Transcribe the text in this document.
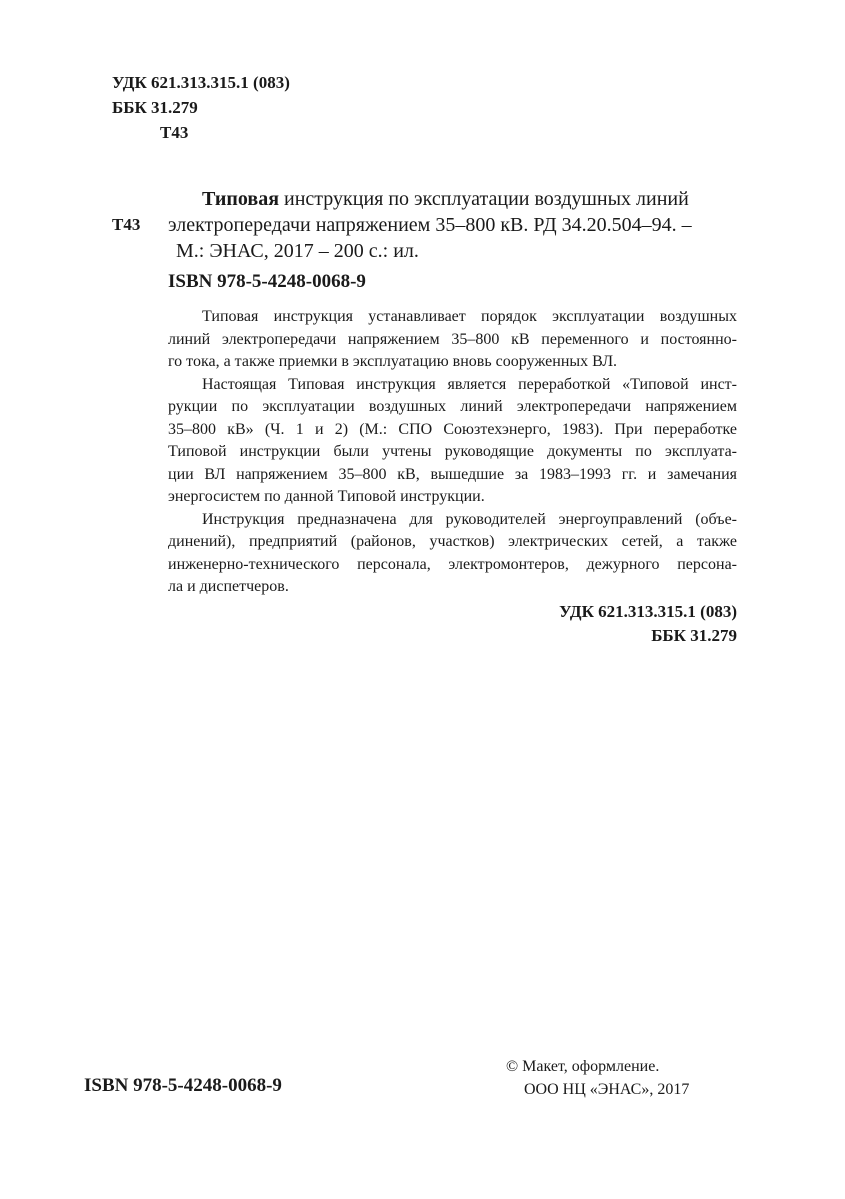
УДК 621.313.315.1 (083)
ББК 31.279
Т43
Т43
Типовая инструкция по эксплуатации воздушных линий
электропередачи напряжением 35–800 кВ. РД 34.20.504–94. –
М.: ЭНАС, 2017 – 200 с.: ил.
ISBN 978-5-4248-0068-9

Типовая инструкция устанавливает порядок эксплуатации воздушных
линий электропередачи напряжением 35–800 кВ переменного и постоянно-
го тока, а также приемки в эксплуатацию вновь сооруженных ВЛ.

Настоящая Типовая инструкция является переработкой «Типовой инст-
рукции по эксплуатации воздушных линий электропередачи напряжением
35–800 кВ» (Ч. 1 и 2) (М.: СПО Союзтехэнерго, 1983). При переработке
Типовой инструкции были учтены руководящие документы по эксплуата-
ции ВЛ напряжением 35–800 кВ, вышедшие за 1983–1993 гг. и замечания
энергосистем по данной Типовой инструкции.

Инструкция предназначена для руководителей энергоуправлений (объе-
динений), предприятий (районов, участков) электрических сетей, а также
инженерно-технического персонала, электромонтеров, дежурного персона-
ла и диспетчеров.

УДК 621.313.315.1 (083)
ББК 31.279
ISBN 978-5-4248-0068-9
© Макет, оформление.
ООО НЦ «ЭНАС», 2017
